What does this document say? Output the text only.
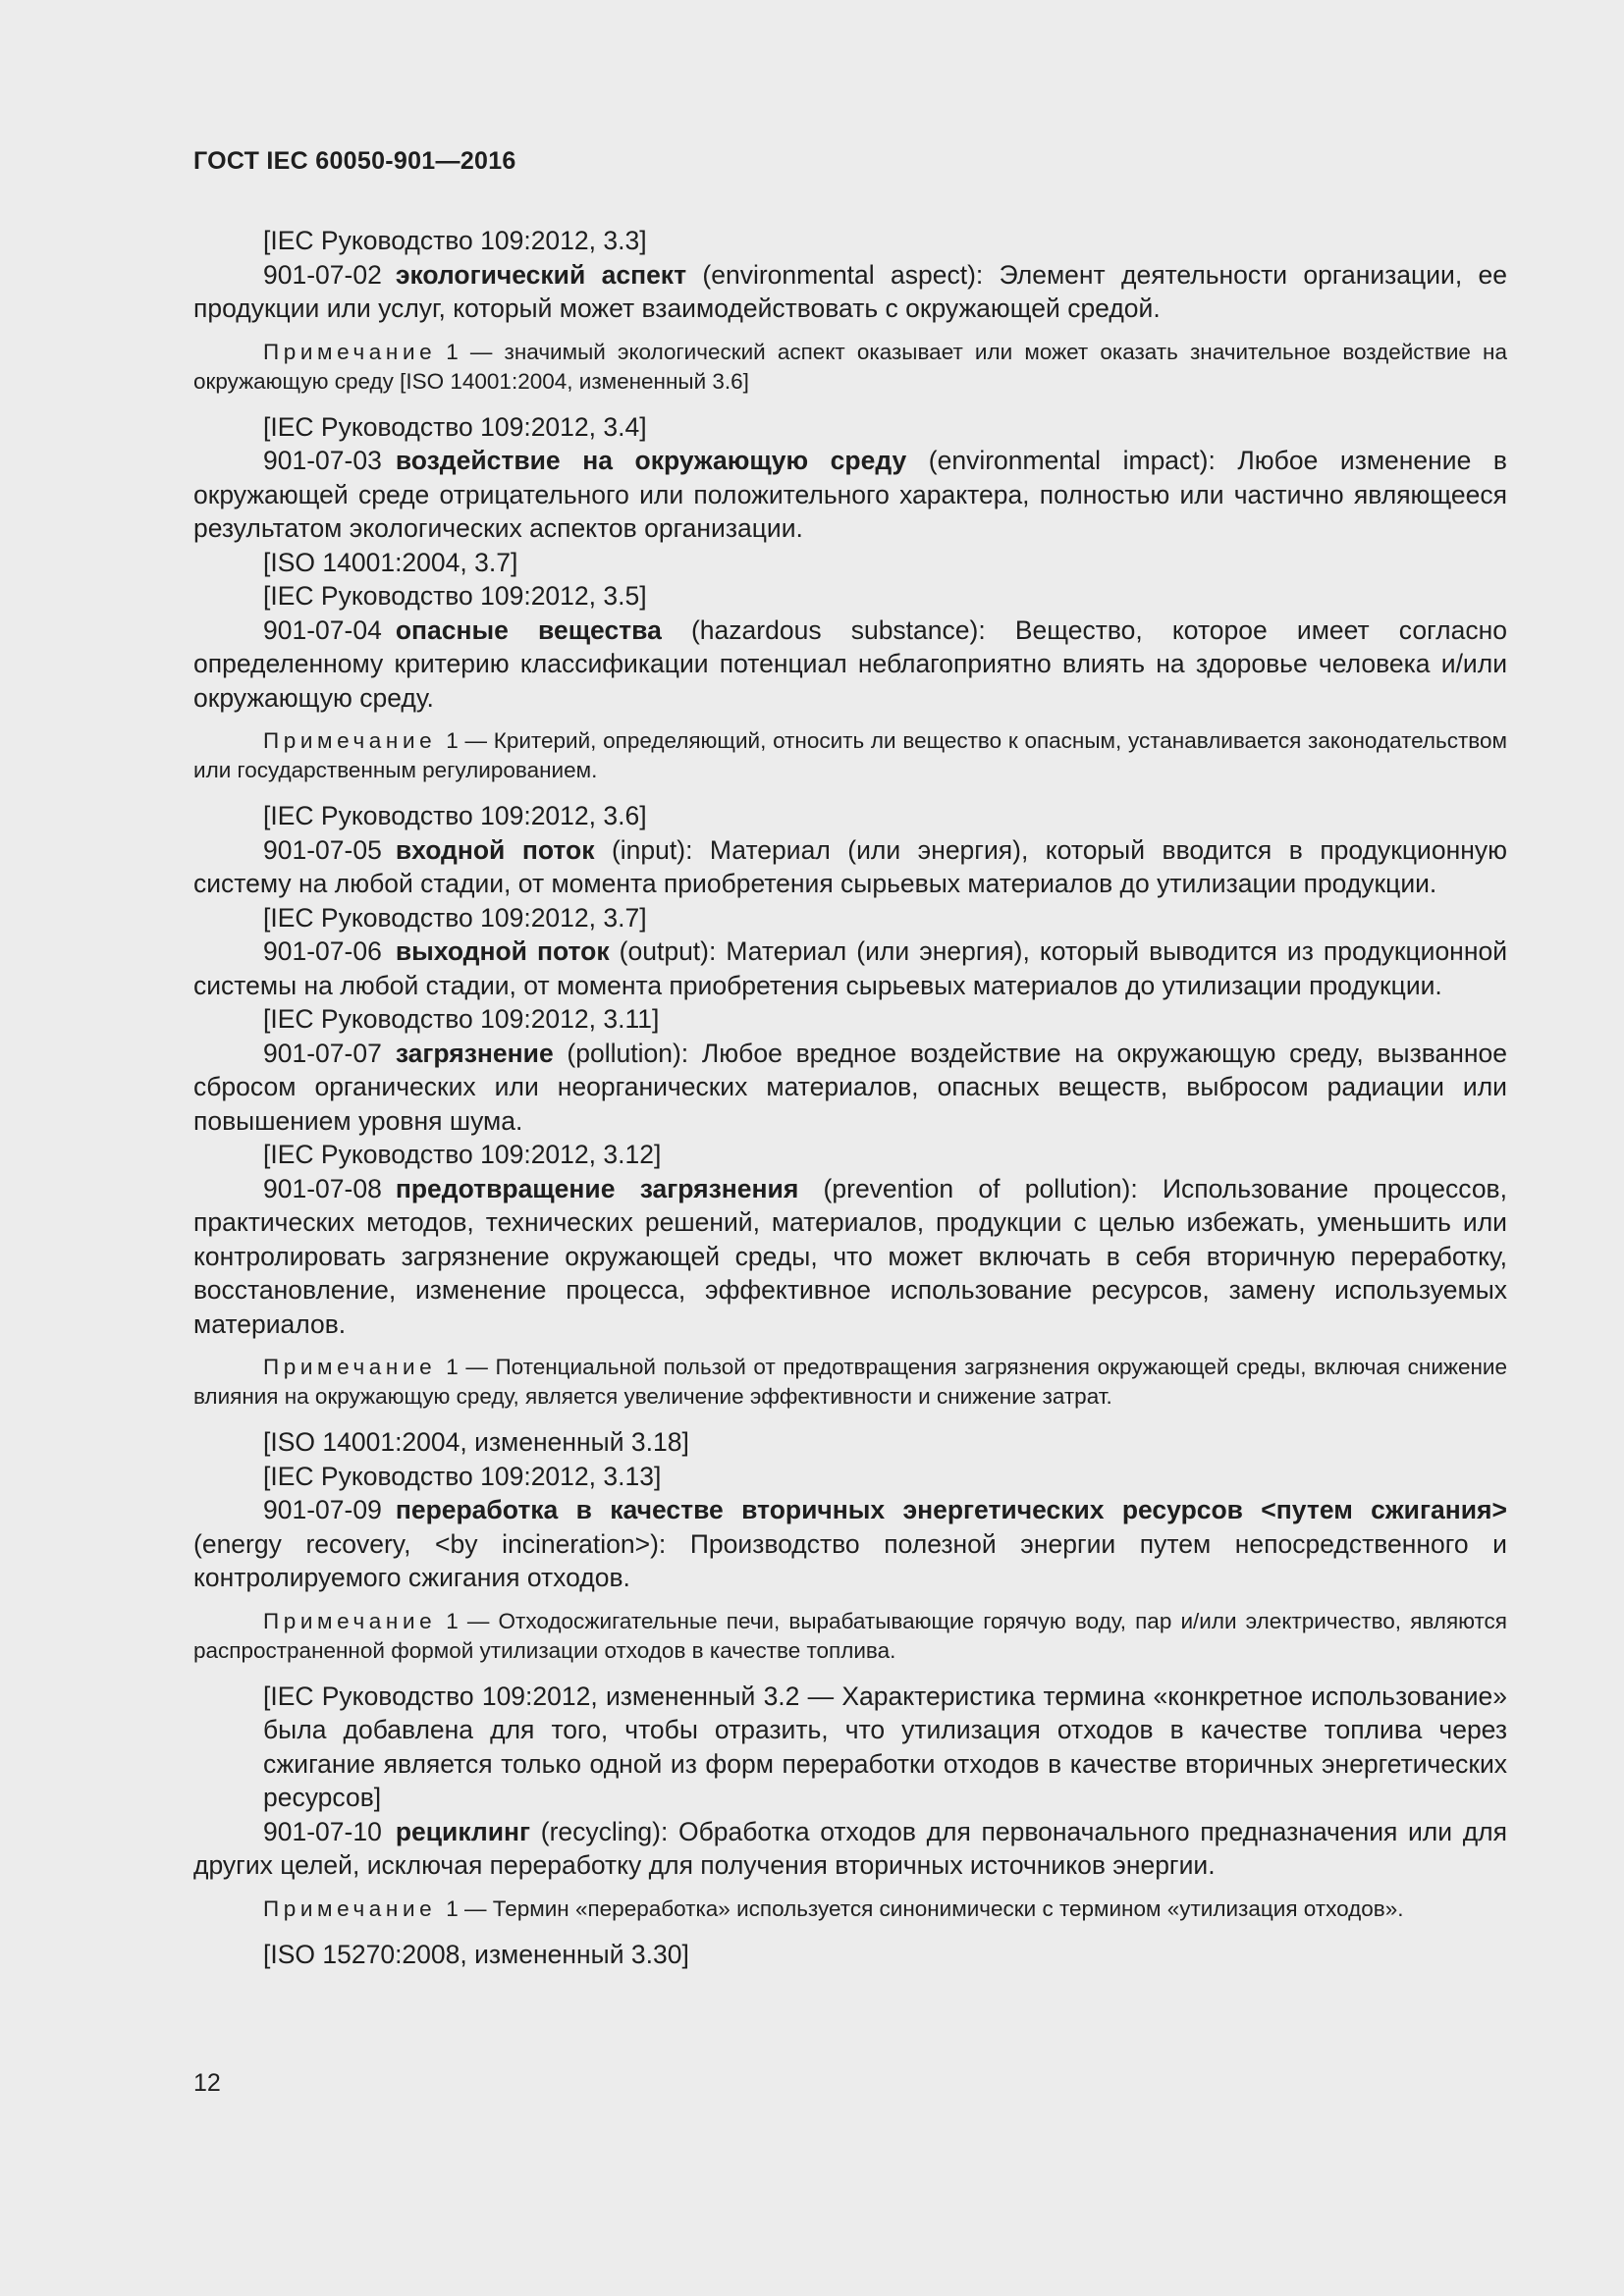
ГОСТ IEC 60050-901—2016

[IEC Руководство 109:2012, 3.3]

901-07-02 экологический аспект (environmental aspect): Элемент деятельности организации, ее продукции или услуг, который может взаимодействовать с окружающей средой.

Примечание 1 — значимый экологический аспект оказывает или может оказать значительное воздействие на окружающую среду [ISO 14001:2004, измененный 3.6]

[IEC Руководство 109:2012, 3.4]

901-07-03 воздействие на окружающую среду (environmental impact): Любое изменение в окружающей среде отрицательного или положительного характера, полностью или частично являющееся результатом экологических аспектов организации.

[ISO 14001:2004, 3.7]

[IEC Руководство 109:2012, 3.5]

901-07-04 опасные вещества (hazardous substance): Вещество, которое имеет согласно определенному критерию классификации потенциал неблагоприятно влиять на здоровье человека и/или окружающую среду.

Примечание 1 — Критерий, определяющий, относить ли вещество к опасным, устанавливается законодательством или государственным регулированием.

[IEC Руководство 109:2012, 3.6]

901-07-05 входной поток (input): Материал (или энергия), который вводится в продукционную систему на любой стадии, от момента приобретения сырьевых материалов до утилизации продукции.

[IEC Руководство 109:2012, 3.7]

901-07-06 выходной поток (output): Материал (или энергия), который выводится из продукционной системы на любой стадии, от момента приобретения сырьевых материалов до утилизации продукции.

[IEC Руководство 109:2012, 3.11]

901-07-07 загрязнение (pollution): Любое вредное воздействие на окружающую среду, вызванное сбросом органических или неорганических материалов, опасных веществ, выбросом радиации или повышением уровня шума.

[IEC Руководство 109:2012, 3.12]

901-07-08 предотвращение загрязнения (prevention of pollution): Использование процессов, практических методов, технических решений, материалов, продукции с целью избежать, уменьшить или контролировать загрязнение окружающей среды, что может включать в себя вторичную переработку, восстановление, изменение процесса, эффективное использование ресурсов, замену используемых материалов.

Примечание 1 — Потенциальной пользой от предотвращения загрязнения окружающей среды, включая снижение влияния на окружающую среду, является увеличение эффективности и снижение затрат.

[ISO 14001:2004, измененный 3.18]

[IEC Руководство 109:2012, 3.13]

901-07-09 переработка в качестве вторичных энергетических ресурсов <путем сжигания> (energy recovery, <by incineration>): Производство полезной энергии путем непосредственного и контролируемого сжигания отходов.

Примечание 1 — Отходосжигательные печи, вырабатывающие горячую воду, пар и/или электричество, являются распространенной формой утилизации отходов в качестве топлива.

[IEC Руководство 109:2012, измененный 3.2 — Характеристика термина «конкретное использование» была добавлена для того, чтобы отразить, что утилизация отходов в качестве топлива через сжигание является только одной из форм переработки отходов в качестве вторичных энергетических ресурсов]

901-07-10 рециклинг (recycling): Обработка отходов для первоначального предназначения или для других целей, исключая переработку для получения вторичных источников энергии.

Примечание 1 — Термин «переработка» используется синонимически с термином «утилизация отходов».

[ISO 15270:2008, измененный 3.30]

12
